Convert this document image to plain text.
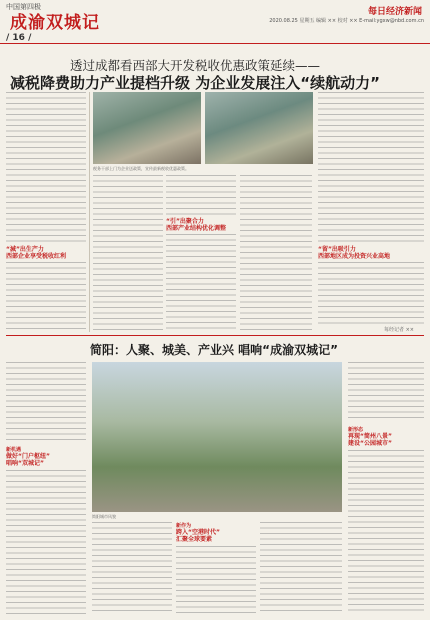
中国第四极
成渝双城记
/ 16 /
每日经济新闻
2020.08.25 星期五 编辑 ×× 校对 ×× E-mail:ygxw@nbd.com.cn
透过成都看西部大开发税收优惠政策延续——
减税降费助力产业提档升级 为企业发展注入“续航动力”
“減”出生产力
西部企业享受税收红利
税务干部上门为企业送政策，宣传最新税收优惠政策。
“引”出聚合力
西部产业结构优化调整
“留”出吸引力
西部地区成为投资兴业高地
每经记者 ××
简阳：人聚、城美、产业兴 唱响“成渝双城记”
新机遇
做好“门户枢纽”
唱响“双城记”
简阳城市风貌
新作为
跨入“空港时代”
汇聚全球要素
新形态
再现“简州八景”
建设“公园城市”
